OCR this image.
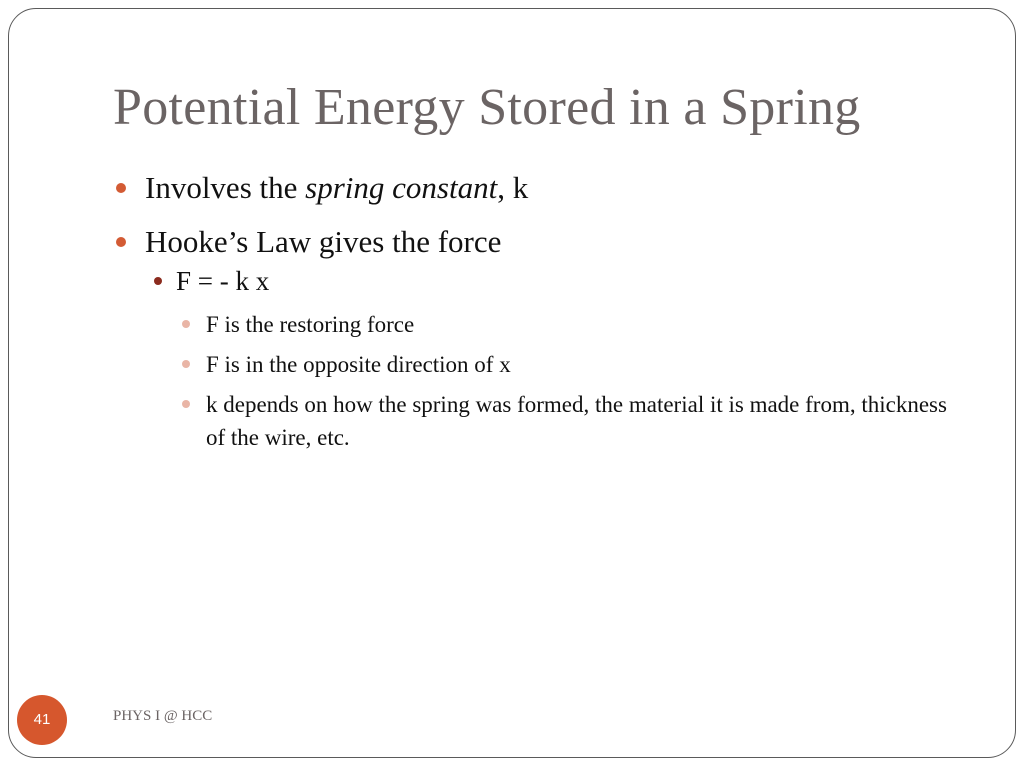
Potential Energy Stored in a Spring

Involves the spring constant, k

Hooke’s Law gives the force

F = - k x

F is the restoring force

F is in the opposite direction of x

k depends on how the spring was formed, the material it is made from, thickness of the wire, etc.

41	PHYS I @ HCC
